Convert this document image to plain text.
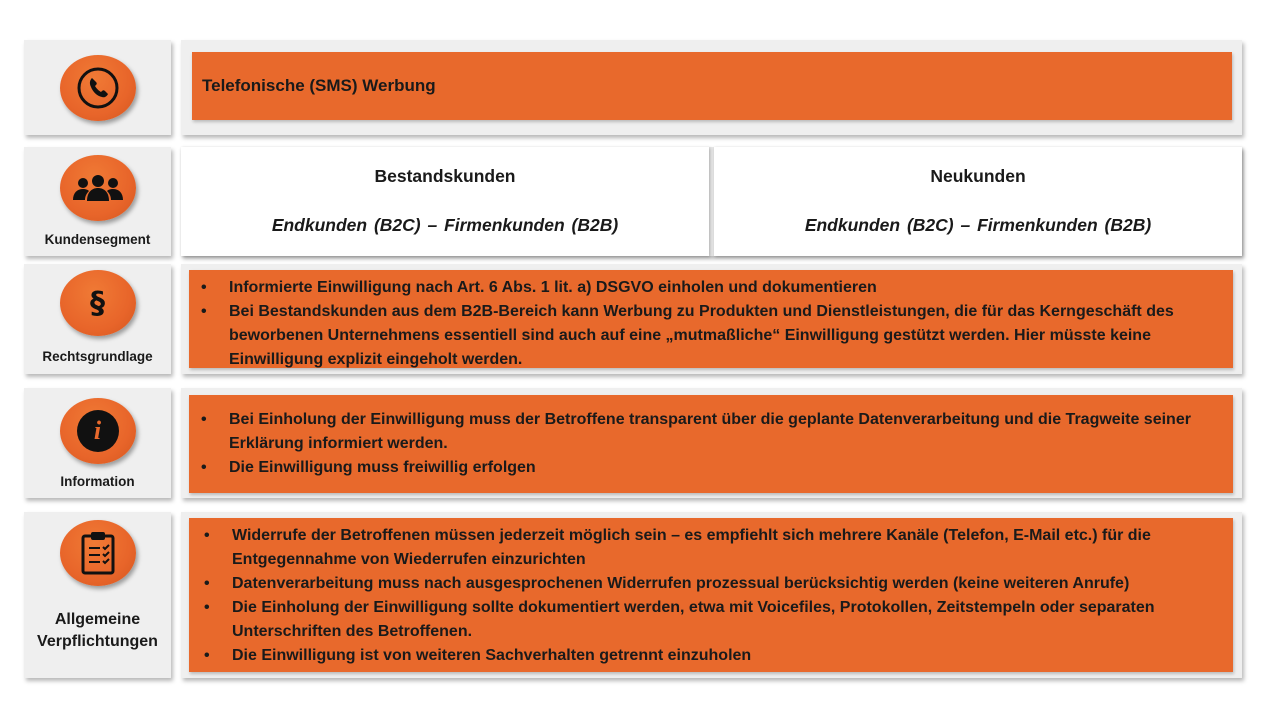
Telefonische (SMS) Werbung
Kundensegment
Bestandskunden
Endkunden (B2C) – Firmenkunden (B2B)
Neukunden
Endkunden (B2C) – Firmenkunden (B2B)
§
Rechtsgrundlage
• Informierte Einwilligung nach Art. 6 Abs. 1 lit. a) DSGVO einholen und dokumentieren
• Bei Bestandskunden aus dem B2B-Bereich kann Werbung zu Produkten und Dienstleistungen, die für das Kerngeschäft des beworbenen Unternehmens essentiell sind auch auf eine „mutmaßliche“ Einwilligung gestützt werden. Hier müsste keine Einwilligung explizit eingeholt werden.
i
Information
• Bei Einholung der Einwilligung muss der Betroffene transparent über die geplante Datenverarbeitung und die Tragweite seiner Erklärung informiert werden.
• Die Einwilligung muss freiwillig erfolgen
Allgemeine
Verpflichtungen
• Widerrufe der Betroffenen müssen jederzeit möglich sein – es empfiehlt sich mehrere Kanäle (Telefon, E-Mail etc.) für die Entgegennahme von Wiederrufen einzurichten
• Datenverarbeitung muss nach ausgesprochenen Widerrufen prozessual berücksichtig werden (keine weiteren Anrufe)
• Die Einholung der Einwilligung sollte dokumentiert werden, etwa mit Voicefiles, Protokollen, Zeitstempeln oder separaten Unterschriften des Betroffenen.
• Die Einwilligung ist von weiteren Sachverhalten getrennt einzuholen
